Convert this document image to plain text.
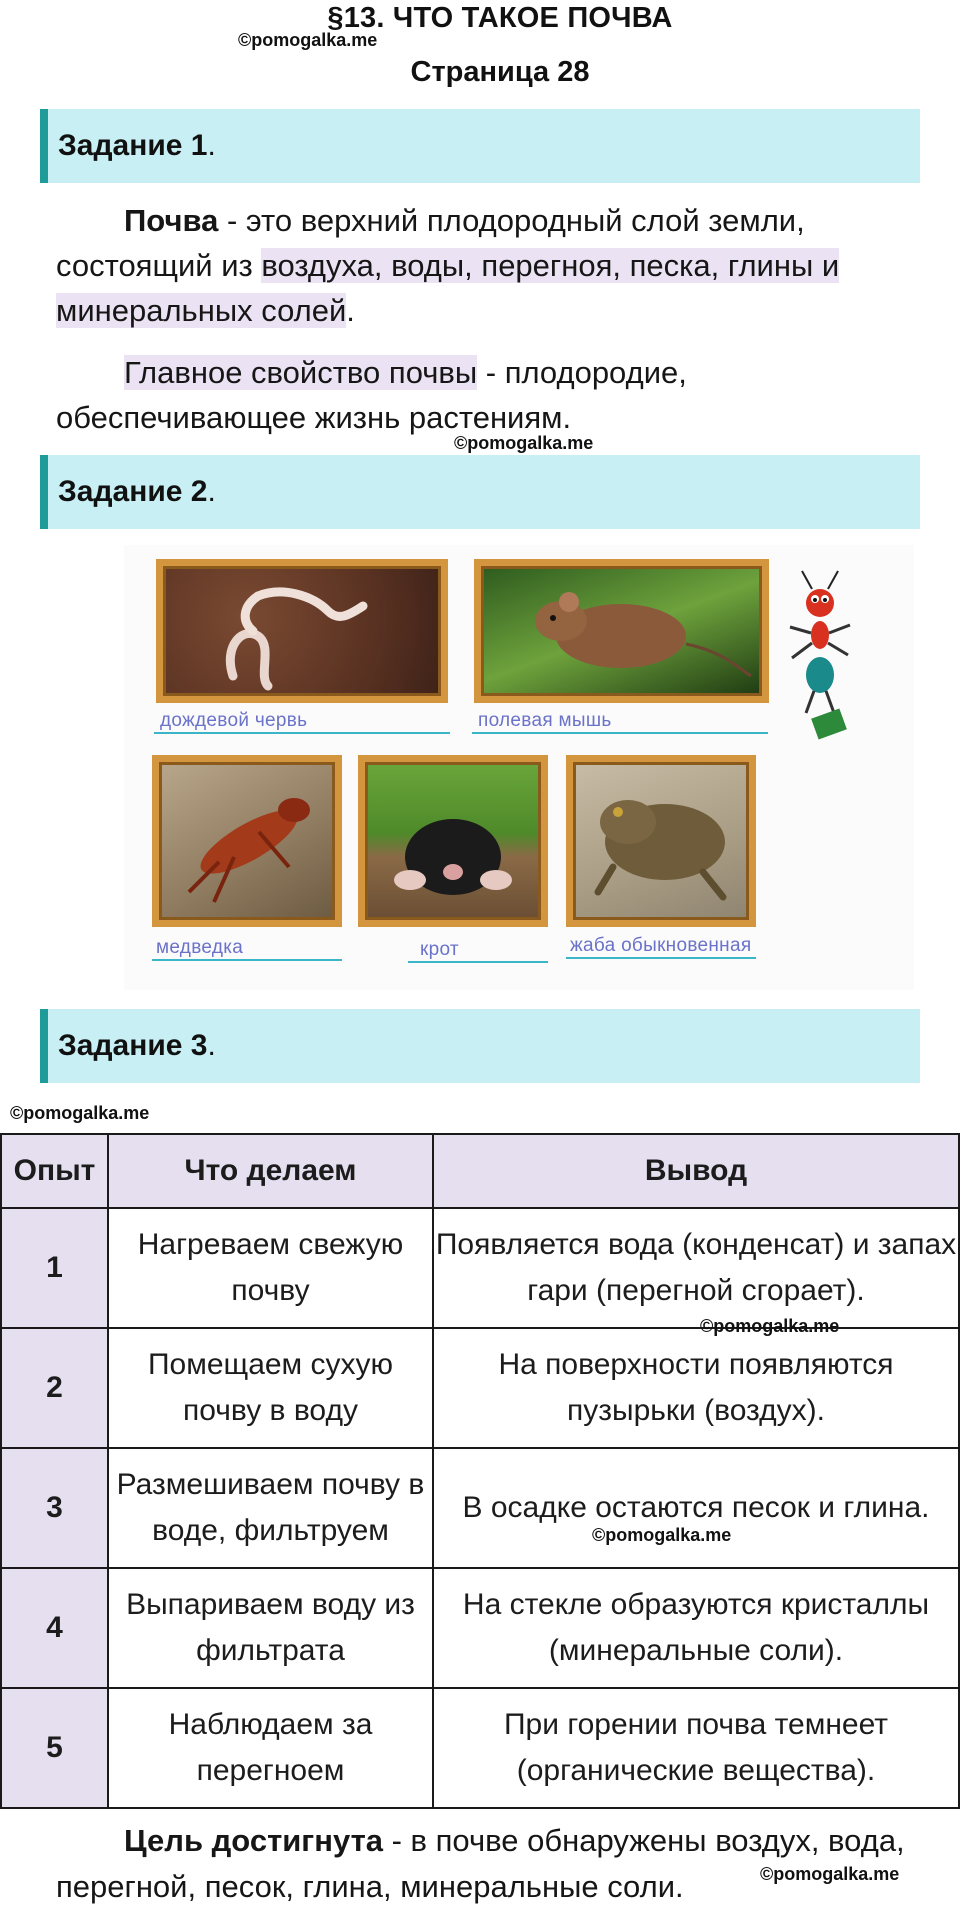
§13. ЧТО ТАКОЕ ПОЧВА
©pomogalka.me
Страница 28
Задание 1 .
Почва - это верхний плодородный слой земли, состоящий из воздуха, воды, перегноя, песка, глины и минеральных солей.
Главное свойство почвы - плодородие, обеспечивающее жизнь растениям.
©pomogalka.me
Задание 2 .
дождевой червь	полевая мышь
медведка	крот	жаба обыкновенная
Задание 3 .
©pomogalka.me
Опыт	Что делаем	Вывод
1	Нагреваем свежую почву	Появляется вода (конденсат) и запах гари (перегной сгорает).
2	Помещаем сухую почву в воду	На поверхности появляются пузырьки (воздух).
3	Размешиваем почву в воде, фильтруем	В осадке остаются песок и глина.
4	Выпариваем воду из фильтрата	На стекле образуются кристаллы (минеральные соли).
5	Наблюдаем за перегноем	При горении почва темнеет (органические вещества).
©pomogalka.me
©pomogalka.me
Цель достигнута - в почве обнаружены воздух, вода, перегной, песок, глина, минеральные соли.	©pomogalka.me
